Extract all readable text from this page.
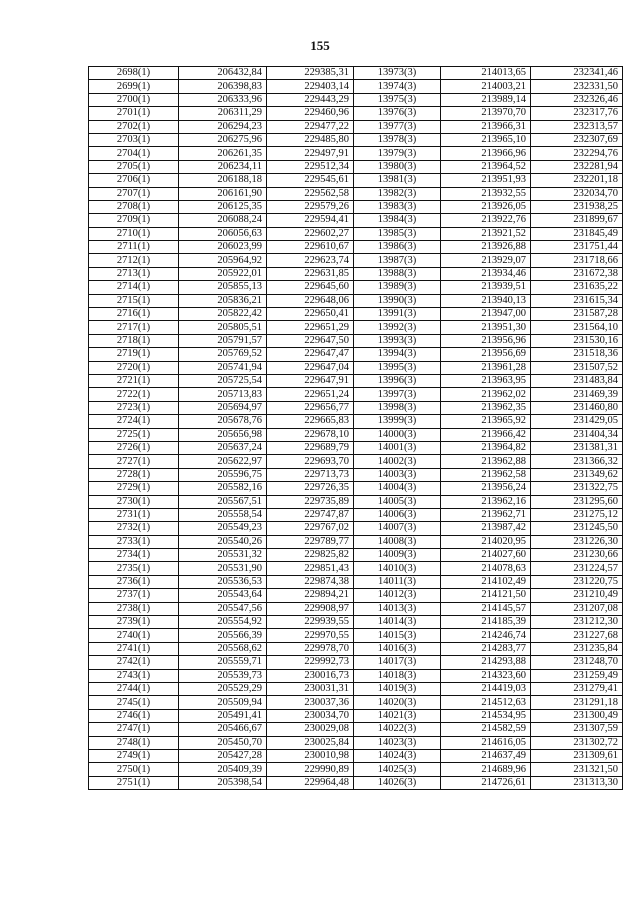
155
2698(1)	206432,84	229385,31	13973(3)	214013,65	232341,46
2699(1)	206398,83	229403,14	13974(3)	214003,21	232331,50
2700(1)	206333,96	229443,29	13975(3)	213989,14	232326,46
2701(1)	206311,29	229460,96	13976(3)	213970,70	232317,76
2702(1)	206294,23	229477,22	13977(3)	213966,31	232313,57
2703(1)	206275,96	229485,80	13978(3)	213965,10	232307,69
2704(1)	206261,35	229497,91	13979(3)	213966,96	232294,76
2705(1)	206234,11	229512,34	13980(3)	213964,52	232281,94
2706(1)	206188,18	229545,61	13981(3)	213951,93	232201,18
2707(1)	206161,90	229562,58	13982(3)	213932,55	232034,70
2708(1)	206125,35	229579,26	13983(3)	213926,05	231938,25
2709(1)	206088,24	229594,41	13984(3)	213922,76	231899,67
2710(1)	206056,63	229602,27	13985(3)	213921,52	231845,49
2711(1)	206023,99	229610,67	13986(3)	213926,88	231751,44
2712(1)	205964,92	229623,74	13987(3)	213929,07	231718,66
2713(1)	205922,01	229631,85	13988(3)	213934,46	231672,38
2714(1)	205855,13	229645,60	13989(3)	213939,51	231635,22
2715(1)	205836,21	229648,06	13990(3)	213940,13	231615,34
2716(1)	205822,42	229650,41	13991(3)	213947,00	231587,28
2717(1)	205805,51	229651,29	13992(3)	213951,30	231564,10
2718(1)	205791,57	229647,50	13993(3)	213956,96	231530,16
2719(1)	205769,52	229647,47	13994(3)	213956,69	231518,36
2720(1)	205741,94	229647,04	13995(3)	213961,28	231507,52
2721(1)	205725,54	229647,91	13996(3)	213963,95	231483,84
2722(1)	205713,83	229651,24	13997(3)	213962,02	231469,39
2723(1)	205694,97	229656,77	13998(3)	213962,35	231460,80
2724(1)	205678,76	229665,83	13999(3)	213965,92	231429,05
2725(1)	205656,98	229678,10	14000(3)	213966,42	231404,34
2726(1)	205637,24	229689,79	14001(3)	213964,82	231381,31
2727(1)	205622,97	229693,70	14002(3)	213962,88	231366,32
2728(1)	205596,75	229713,73	14003(3)	213962,58	231349,62
2729(1)	205582,16	229726,35	14004(3)	213956,24	231322,75
2730(1)	205567,51	229735,89	14005(3)	213962,16	231295,60
2731(1)	205558,54	229747,87	14006(3)	213962,71	231275,12
2732(1)	205549,23	229767,02	14007(3)	213987,42	231245,50
2733(1)	205540,26	229789,77	14008(3)	214020,95	231226,30
2734(1)	205531,32	229825,82	14009(3)	214027,60	231230,66
2735(1)	205531,90	229851,43	14010(3)	214078,63	231224,57
2736(1)	205536,53	229874,38	14011(3)	214102,49	231220,75
2737(1)	205543,64	229894,21	14012(3)	214121,50	231210,49
2738(1)	205547,56	229908,97	14013(3)	214145,57	231207,08
2739(1)	205554,92	229939,55	14014(3)	214185,39	231212,30
2740(1)	205566,39	229970,55	14015(3)	214246,74	231227,68
2741(1)	205568,62	229978,70	14016(3)	214283,77	231235,84
2742(1)	205559,71	229992,73	14017(3)	214293,88	231248,70
2743(1)	205539,73	230016,73	14018(3)	214323,60	231259,49
2744(1)	205529,29	230031,31	14019(3)	214419,03	231279,41
2745(1)	205509,94	230037,36	14020(3)	214512,63	231291,18
2746(1)	205491,41	230034,70	14021(3)	214534,95	231300,49
2747(1)	205466,67	230029,08	14022(3)	214582,59	231307,59
2748(1)	205450,70	230025,84	14023(3)	214616,05	231302,72
2749(1)	205427,28	230010,98	14024(3)	214637,49	231309,61
2750(1)	205409,39	229990,89	14025(3)	214689,96	231321,50
2751(1)	205398,54	229964,48	14026(3)	214726,61	231313,30
